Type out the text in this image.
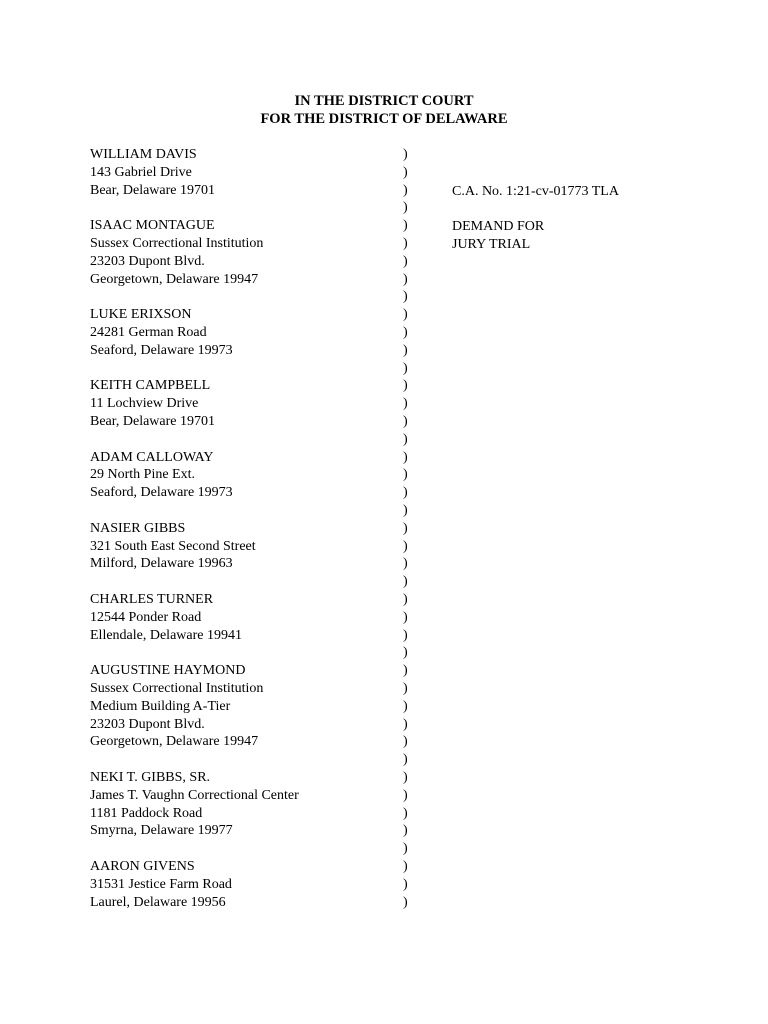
IN THE DISTRICT COURT
FOR THE DISTRICT OF DELAWARE
WILLIAM DAVIS
143 Gabriel Drive
Bear, Delaware 19701
ISAAC MONTAGUE
Sussex Correctional Institution
23203 Dupont Blvd.
Georgetown, Delaware 19947
LUKE ERIXSON
24281 German Road
Seaford, Delaware 19973
KEITH CAMPBELL
11 Lochview Drive
Bear, Delaware 19701
ADAM CALLOWAY
29 North Pine Ext.
Seaford, Delaware 19973
NASIER GIBBS
321 South East Second Street
Milford, Delaware 19963
CHARLES TURNER
12544 Ponder Road
Ellendale, Delaware 19941
AUGUSTINE HAYMOND
Sussex Correctional Institution
Medium Building A-Tier
23203 Dupont Blvd.
Georgetown, Delaware 19947
NEKI T. GIBBS, SR.
James T. Vaughn Correctional Center
1181 Paddock Road
Smyrna, Delaware 19977
AARON GIVENS
31531 Jestice Farm Road
Laurel, Delaware 19956
)
)
)
)
)
)
)
)
)
)
)
)
)
)
)
)
)
)
)
)
)
)
)
)
)
)
)
)
)
)
)
)
)
)
)
)
)
)
)
)
)
)
)
C.A. No. 1:21-cv-01773 TLA
DEMAND FOR
JURY TRIAL
